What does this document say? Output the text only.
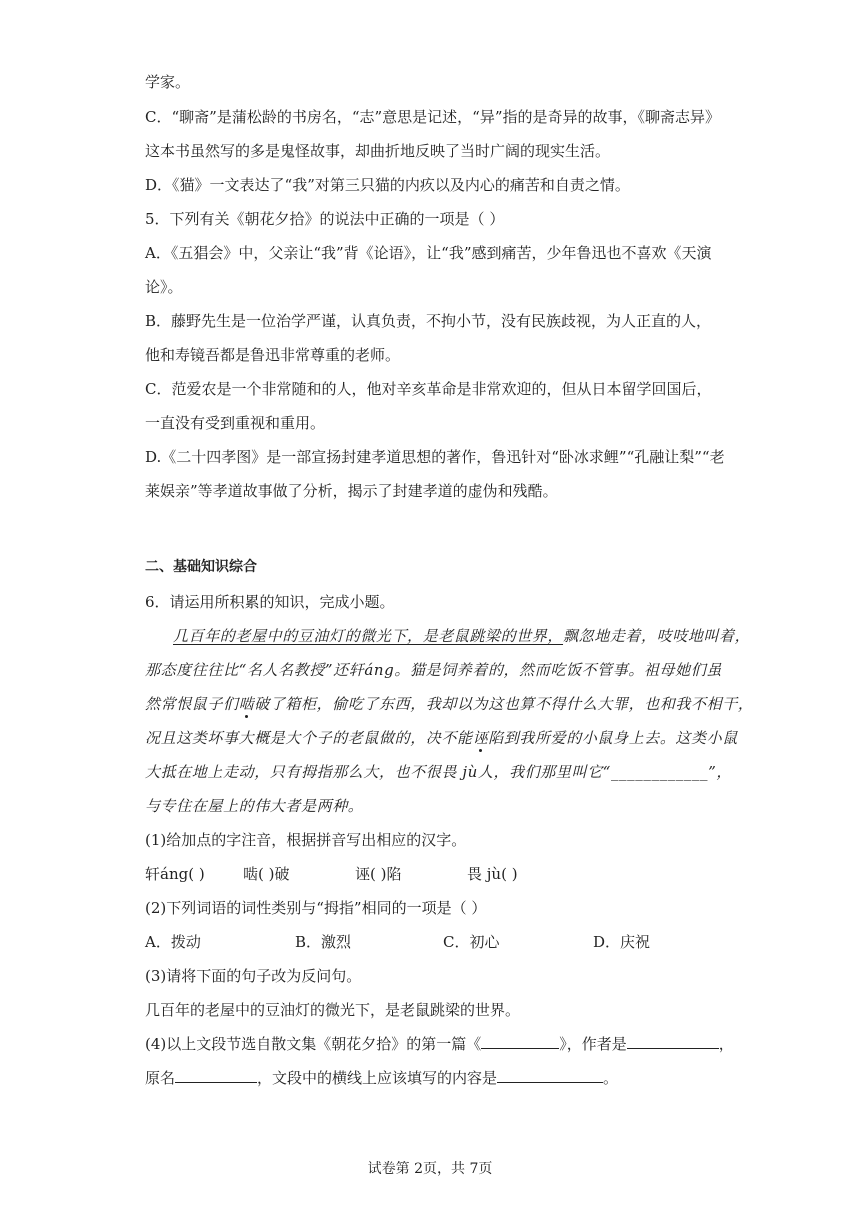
学家。
C．“聊斋”是蒲松龄的书房名，“志”意思是记述，“异”指的是奇异的故事，《聊斋志异》
这本书虽然写的多是鬼怪故事，却曲折地反映了当时广阔的现实生活。
D．《猫》一文表达了“我”对第三只猫的内疚以及内心的痛苦和自责之情。
5．下列有关《朝花夕拾》的说法中正确的一项是（ ）
A．《五猖会》中，父亲让“我”背《论语》，让“我”感到痛苦，少年鲁迅也不喜欢《天演
论》。
B．藤野先生是一位治学严谨，认真负责，不拘小节，没有民族歧视，为人正直的人，
他和寿镜吾都是鲁迅非常尊重的老师。
C．范爱农是一个非常随和的人，他对辛亥革命是非常欢迎的，但从日本留学回国后，
一直没有受到重视和重用。
D.《二十四孝图》是一部宣扬封建孝道思想的著作，鲁迅针对“卧冰求鲤”“孔融让梨”“老
莱娱亲”等孝道故事做了分析，揭示了封建孝道的虚伪和残酷。
二、基础知识综合
6．请运用所积累的知识，完成小题。
几百年的老屋中的豆油灯的微光下，是老鼠跳梁的世界，飘忽地走着，吱吱地叫着，
那态度往往比“名人名教授”还轩áng。猫是饲养着的，然而吃饭不管事。祖母她们虽
然常恨鼠子们啮破了箱柜，偷吃了东西，我却以为这也算不得什么大罪，也和我不相干，
况且这类坏事大概是大个子的老鼠做的，决不能诬陷到我所爱的小鼠身上去。这类小鼠
大抵在地上走动，只有拇指那么大，也不很畏 jù人，我们那里叫它“____________”，
与专住在屋上的伟大者是两种。
(1)给加点的字注音，根据拼音写出相应的汉字。
轩áng( )	啮( )破	诬( )陷	畏 jù( )
(2)下列词语的词性类别与“拇指”相同的一项是（ ）
A．拨动	B．激烈	C．初心	D．庆祝
(3)请将下面的句子改为反问句。
几百年的老屋中的豆油灯的微光下，是老鼠跳梁的世界。
(4)以上文段节选自散文集《朝花夕拾》的第一篇《	》，作者是	，
原名	，文段中的横线上应该填写的内容是	。
试卷第 2页，共 7页
